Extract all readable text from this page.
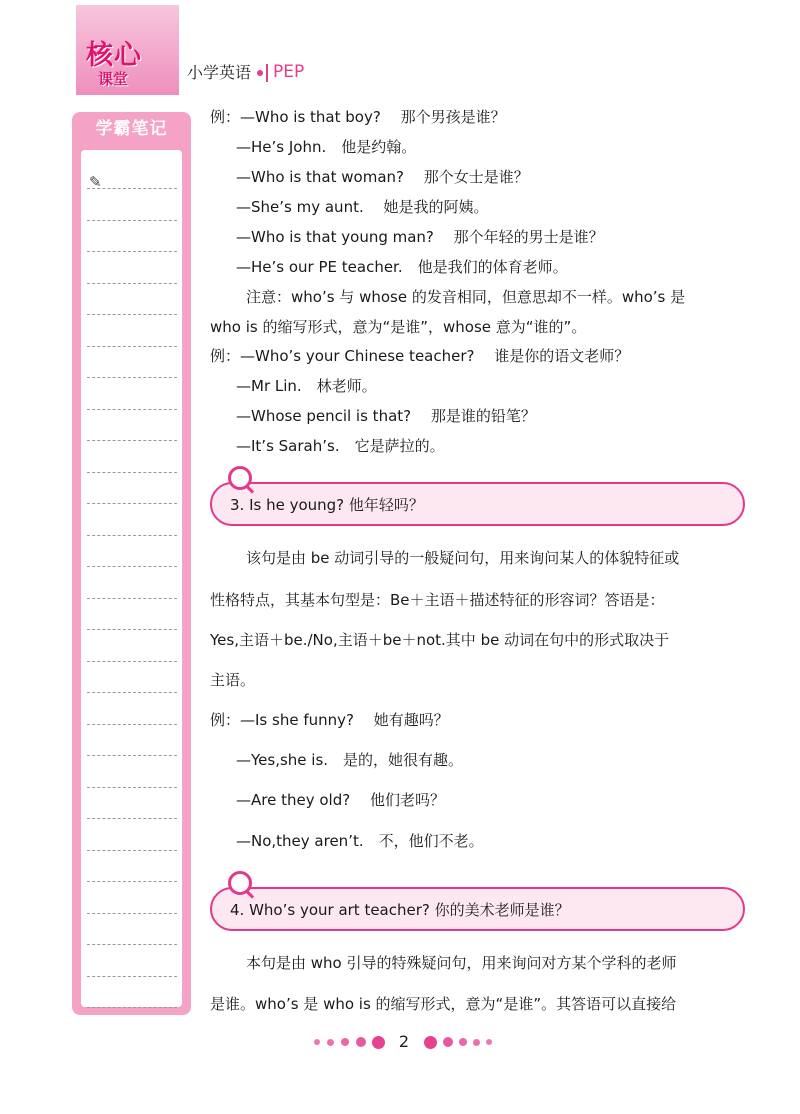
核心
课堂	小学英语 PEP
学霸笔记
✎
例：—Who is that boy?　 那个男孩是谁？
—He’s John.　他是约翰。
—Who is that woman?　 那个女士是谁？
—She’s my aunt.　 她是我的阿姨。
—Who is that young man?　 那个年轻的男士是谁？
—He’s our PE teacher.　他是我们的体育老师。
注意：who’s 与 whose 的发音相同，但意思却不一样。who’s 是
who is 的缩写形式，意为“是谁”，whose 意为“谁的”。
例：—Who’s your Chinese teacher?　 谁是你的语文老师？
—Mr Lin.　林老师。
—Whose pencil is that?　 那是谁的铅笔？
—It’s Sarah’s.　它是萨拉的。
3. Is he young? 他年轻吗？
该句是由 be 动词引导的一般疑问句，用来询问某人的体貌特征或
性格特点，其基本句型是：Be＋主语＋描述特征的形容词？答语是：
Yes,主语＋be./No,主语＋be＋not.其中 be 动词在句中的形式取决于
主语。
例：—Is she funny?　 她有趣吗？
—Yes,she is.　是的，她很有趣。
—Are they old?　 他们老吗？
—No,they aren’t.　不，他们不老。
4. Who’s your art teacher? 你的美术老师是谁？
本句是由 who 引导的特殊疑问句，用来询问对方某个学科的老师
是谁。who’s 是 who is 的缩写形式，意为“是谁”。其答语可以直接给
2
